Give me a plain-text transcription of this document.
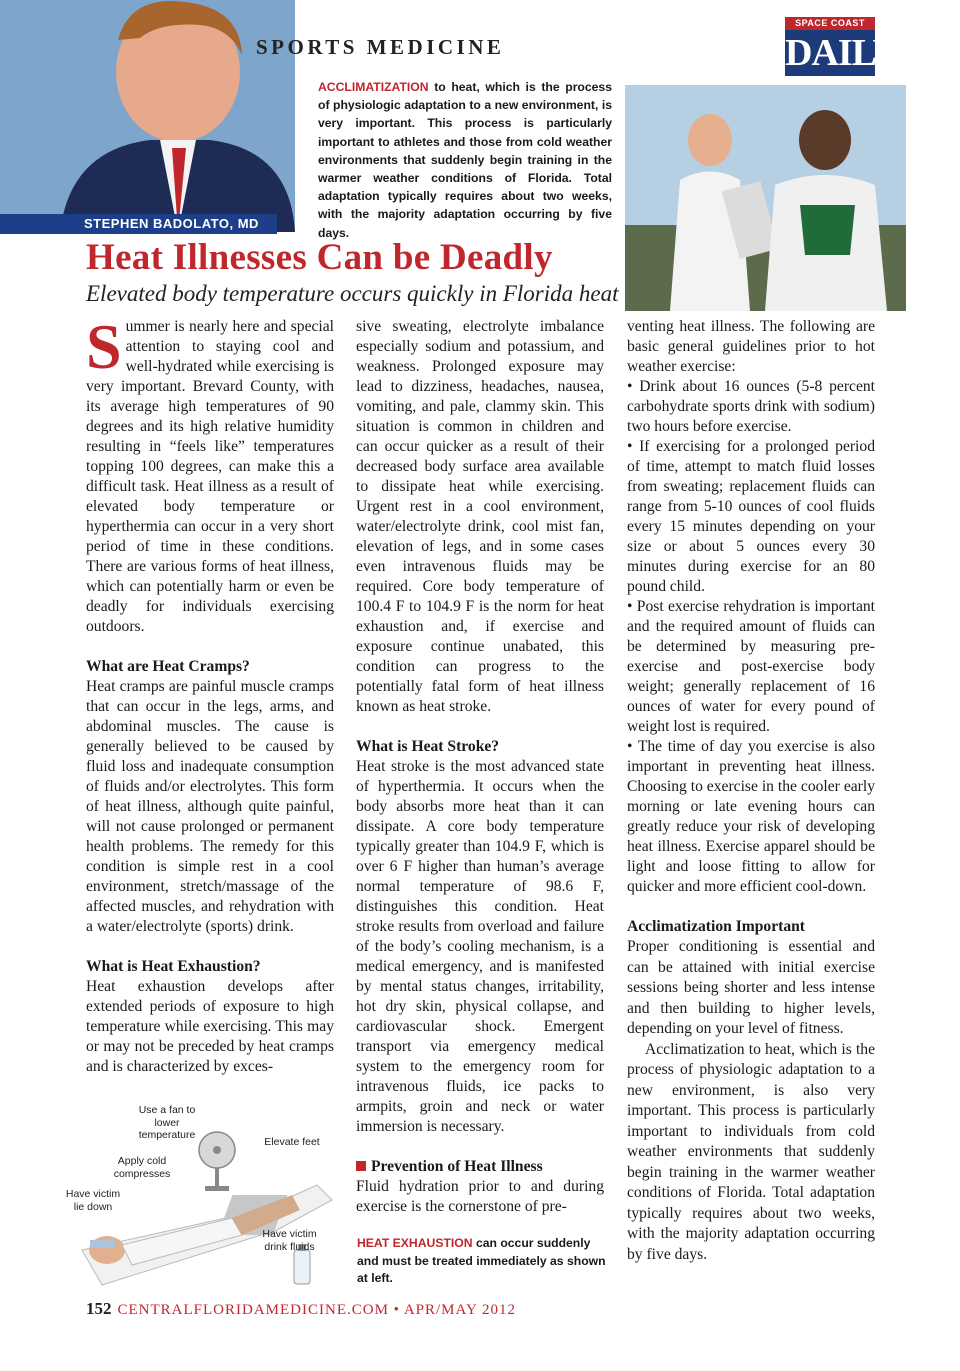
STEPHEN BADOLATO, MD
SPORTS MEDICINE
SPACE COAST
DAILY
ACCLIMATIZATION to heat, which is the process of physiologic adaptation to a new environment, is very important. This process is particularly important to athletes and those from cold weather environments that suddenly begin training in the warmer weather conditions of Florida. Total adaptation typically requires about two weeks, with the majority adaptation occurring by five days.
Heat Illnesses Can be Deadly
Elevated body temperature occurs quickly in Florida heat

Summer is nearly here and special attention to staying cool and well-hydrated while exercising is very important. Brevard County, with its average high temperatures of 90 degrees and its high relative humidity resulting in “feels like” temperatures topping 100 degrees, can make this a difficult task. Heat illness as a result of elevated body temperature or hyperthermia can occur in a very short period of time in these conditions. There are various forms of heat illness, which can potentially harm or even be deadly for individuals exercising outdoors.

What are Heat Cramps?

Heat cramps are painful muscle cramps that can occur in the legs, arms, and abdominal muscles. The cause is generally believed to be caused by fluid loss and inadequate consumption of fluids and/or electrolytes. This form of heat illness, although quite painful, will not cause prolonged or permanent health problems. The remedy for this condition is simple rest in a cool environment, stretch/massage of the affected muscles, and rehydration with a water/electrolyte (sports) drink.

What is Heat Exhaustion?

Heat exhaustion develops after extended periods of exposure to high temperature while exercising. This may or may not be preceded by heat cramps and is characterized by exces-

Use a fan to lower temperature
Elevate feet
Apply cold compresses
Have victim lie down
Have victim drink fluids

sive sweating, electrolyte imbalance especially sodium and potassium, and weakness. Prolonged exposure may lead to dizziness, headaches, nausea, vomiting, and pale, clammy skin. This situation is common in children and can occur quicker as a result of their decreased body surface area available to dissipate heat while exercising. Urgent rest in a cool environment, water/electrolyte drink, cool mist fan, elevation of legs, and in some cases even intravenous fluids may be required. Core body temperature of 100.4 F to 104.9 F is the norm for heat exhaustion and, if exercise and exposure continue unabated, this condition can progress to the potentially fatal form of heat illness known as heat stroke.

What is Heat Stroke?

Heat stroke is the most advanced state of hyperthermia. It occurs when the body absorbs more heat than it can dissipate. A core body temperature typically greater than 104.9 F, which is over 6 F higher than human’s average normal temperature of 98.6 F, distinguishes this condition. Heat stroke results from overload and failure of the body’s cooling mechanism, is a medical emergency, and is manifested by mental status changes, irritability, hot dry skin, physical collapse, and cardiovascular shock. Emergent transport via emergency medical system to the emergency room for intravenous fluids, ice packs to armpits, groin and neck or water immersion is necessary.

Prevention of Heat Illness

Fluid hydration prior to and during exercise is the cornerstone of pre-

HEAT EXHAUSTION can occur suddenly and must be treated immediately as shown at left.

venting heat illness. The following are basic general guidelines prior to hot weather exercise:

• Drink about 16 ounces (5-8 percent carbohydrate sports drink with sodium) two hours before exercise.

• If exercising for a prolonged period of time, attempt to match fluid losses from sweating; replacement fluids can range from 5-10 ounces of cool fluids every 15 minutes depending on your size or about 5 ounces every 30 minutes during exercise for an 80 pound child.

• Post exercise rehydration is important and the required amount of fluids can be determined by measuring pre-exercise and post-exercise body weight; generally replacement of 16 ounces of water for every pound of weight lost is required.

• The time of day you exercise is also important in preventing heat illness. Choosing to exercise in the cooler early morning or late evening hours can greatly reduce your risk of developing heat illness. Exercise apparel should be light and loose fitting to allow for quicker and more efficient cool-down.

Acclimatization Important

Proper conditioning is essential and can be attained with initial exercise sessions being shorter and less intense and then building to higher levels, depending on your level of fitness.

Acclimatization to heat, which is the process of physiologic adaptation to a new environment, is also very important. This process is particularly important to individuals from cold weather environments that suddenly begin training in the warmer weather conditions of Florida. Total adaptation typically requires about two weeks, with the majority adaptation occurring by five days.

152 CENTRALFLORIDAMEDICINE.COM • APR/MAY 2012
